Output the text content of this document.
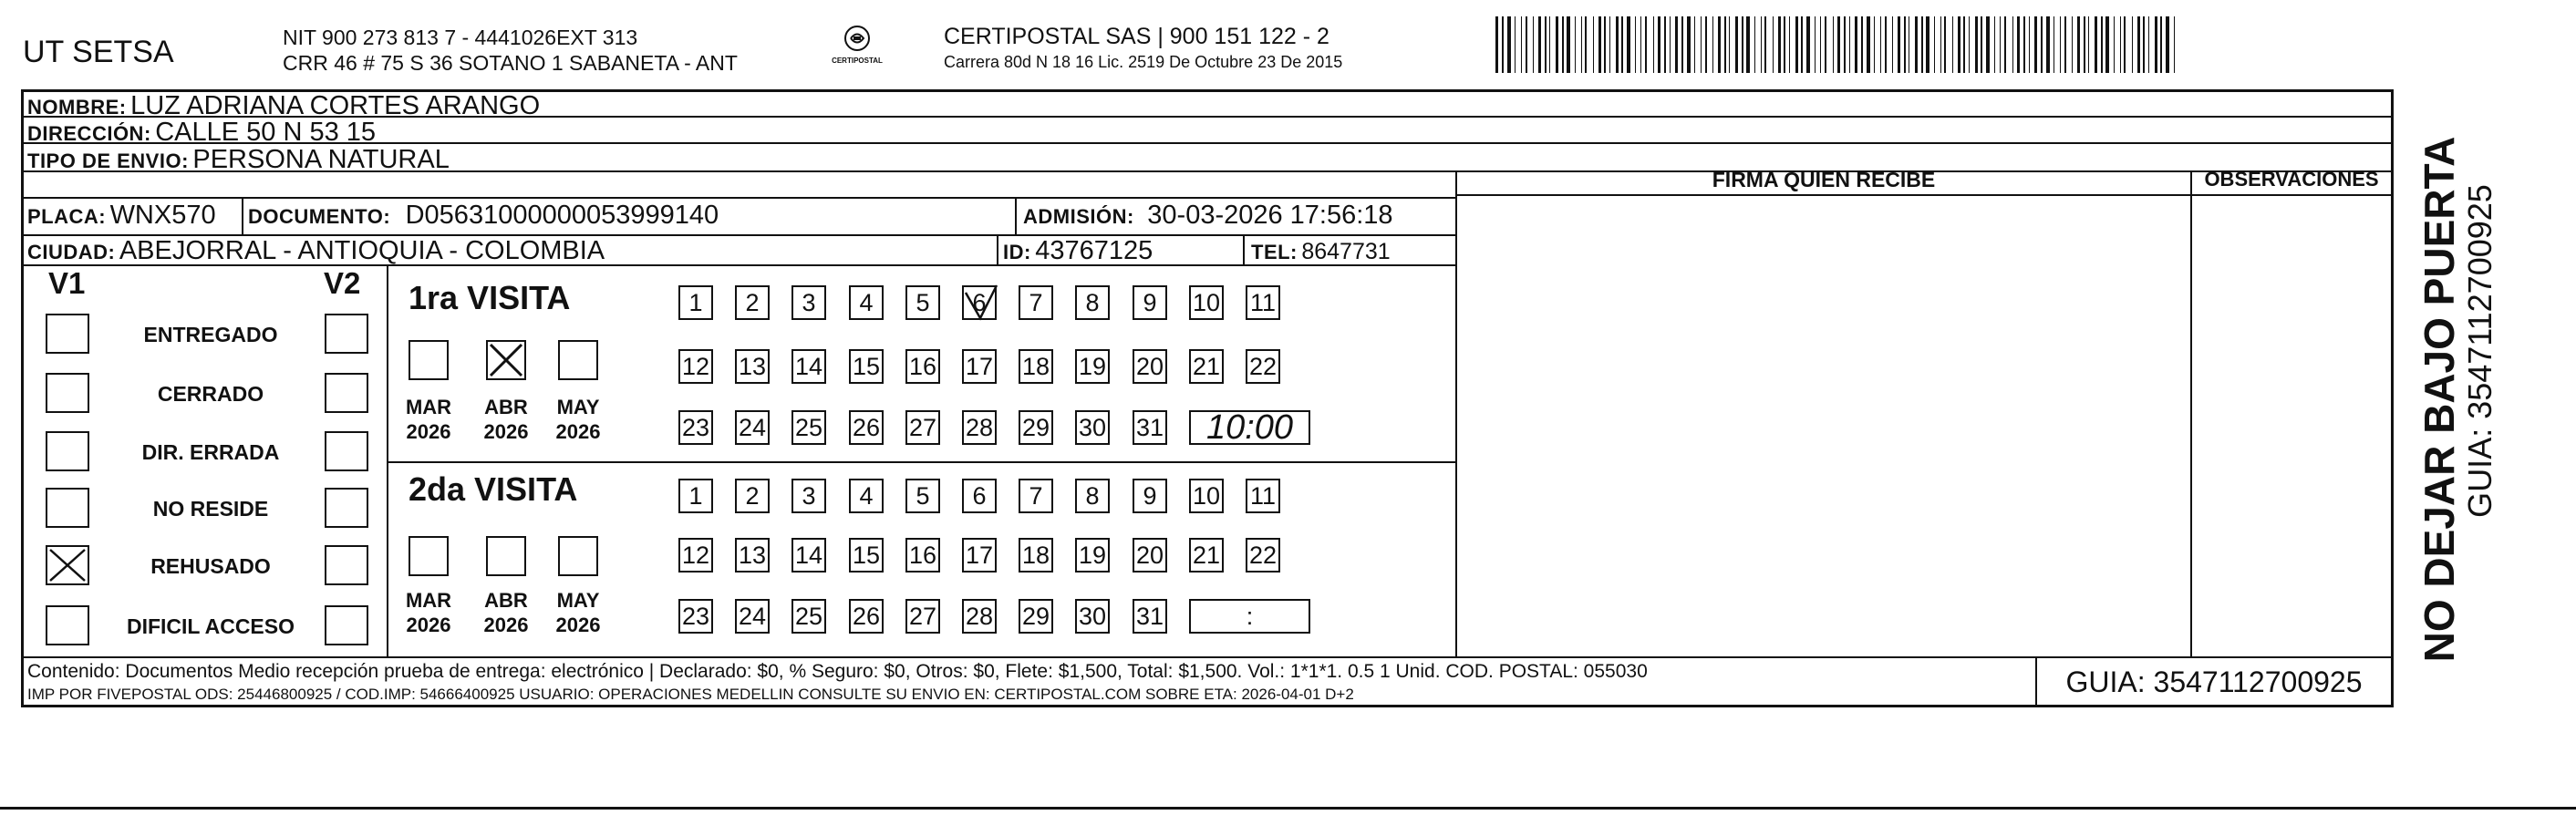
UT SETSA	NIT 900 273 813 7 - 4441026EXT 313
CRR 46 # 75 S 36 SOTANO 1 SABANETA - ANT	CERTIPOSTAL
CERTIPOSTAL SAS | 900 151 122 - 2
Carrera 80d N 18 16 Lic. 2519 De Octubre 23 De 2015
NOMBRE: LUZ ADRIANA CORTES ARANGO
DIRECCIÓN: CALLE 50 N 53 15
TIPO DE ENVIO: PERSONA NATURAL
PLACA: WNX570 DOCUMENTO: D05631000000053999140	ADMISIÓN: 30-03-2026 17:56:18
CIUDAD: ABEJORRAL - ANTIOQUIA - COLOMBIA	ID: 43767125	TEL: 8647731
FIRMA QUIEN RECIBE	OBSERVACIONES
V1	V2
ENTREGADO
CERRADO
DIR. ERRADA
NO RESIDE
REHUSADO
DIFICIL ACCESO
1ra VISITA
MAR
2026
ABR
2026
MAY
2026
1 2 3 4 5 6 7 8 9 10 11
12 13 14 15 16 17 18 19 20 21 22
23 24 25 26 27 28 29 30 31 10:00
2da VISITA
MAR
2026
ABR
2026
MAY
2026
1 2 3 4 5 6 7 8 9 10 11
12 13 14 15 16 17 18 19 20 21 22
23 24 25 26 27 28 29 30 31	:
Contenido: Documentos Medio recepción prueba de entrega: electrónico | Declarado: $0, % Seguro: $0, Otros: $0, Flete: $1,500, Total: $1,500. Vol.: 1*1*1. 0.5 1 Unid. COD. POSTAL: 055030
IMP POR FIVEPOSTAL ODS: 25446800925 / COD.IMP: 54666400925 USUARIO: OPERACIONES MEDELLIN CONSULTE SU ENVIO EN: CERTIPOSTAL.COM SOBRE ETA: 2026-04-01 D+2	GUIA: 3547112700925
NO DEJAR BAJO PUERTA
GUIA: 3547112700925
